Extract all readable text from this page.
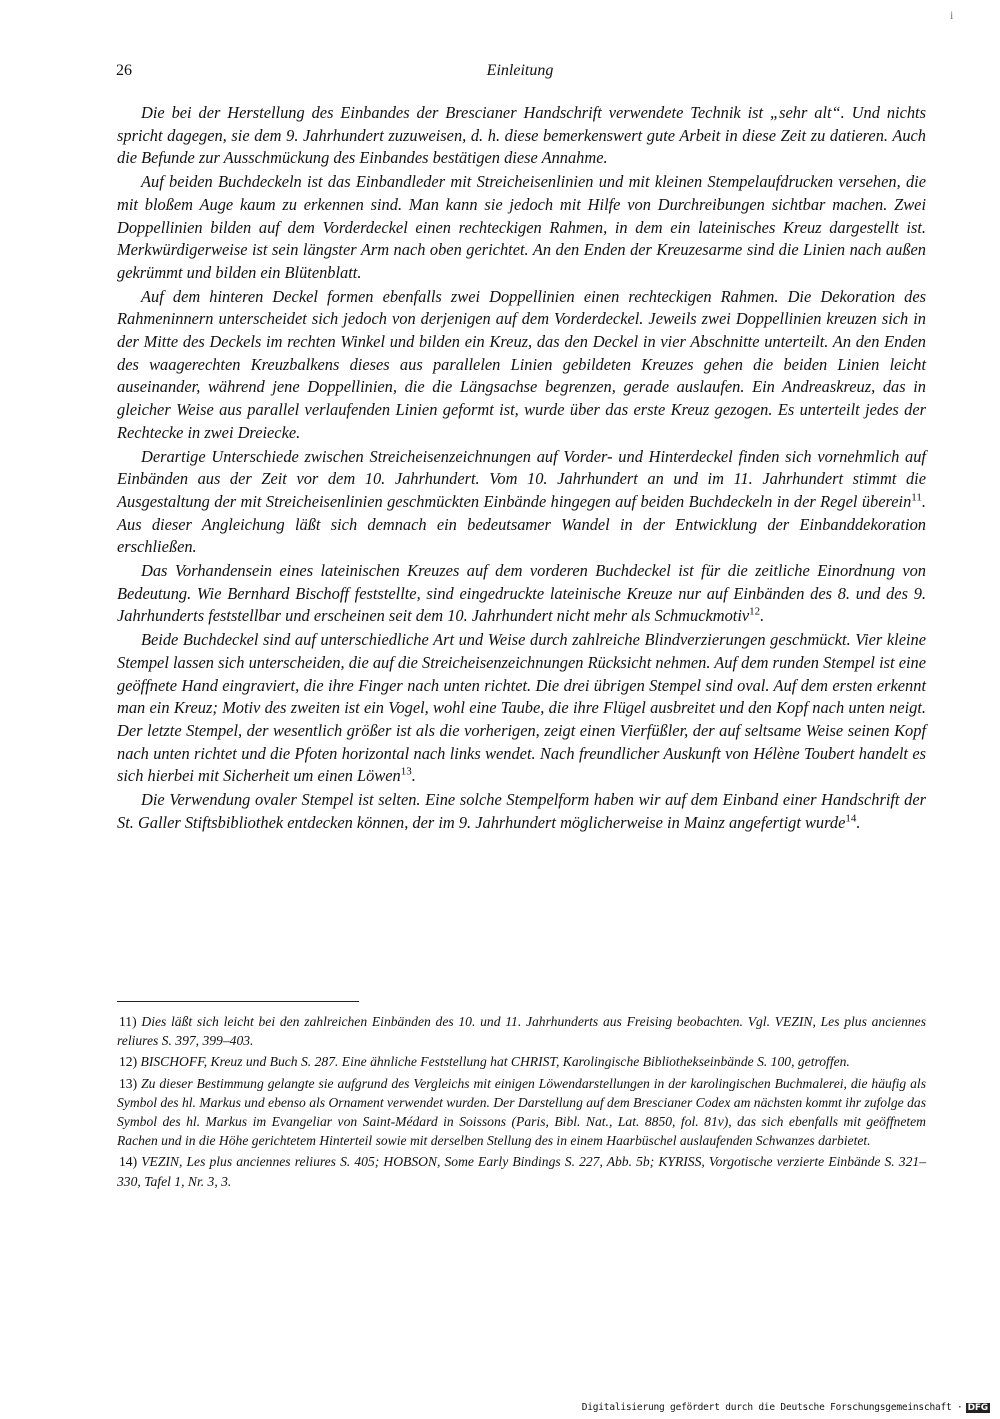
i
26	Einleitung

Die bei der Herstellung des Einbandes der Brescianer Handschrift verwendete Technik ist „sehr alt“. Und nichts spricht dagegen, sie dem 9. Jahrhundert zuzuweisen, d. h. diese bemerkenswert gute Arbeit in diese Zeit zu datieren. Auch die Befunde zur Ausschmückung des Einbandes bestätigen diese Annahme.

Auf beiden Buchdeckeln ist das Einbandleder mit Streicheisenlinien und mit kleinen Stempelaufdrucken versehen, die mit bloßem Auge kaum zu erkennen sind. Man kann sie jedoch mit Hilfe von Durchreibungen sichtbar machen. Zwei Doppellinien bilden auf dem Vorderdeckel einen rechteckigen Rahmen, in dem ein lateinisches Kreuz dargestellt ist. Merkwürdigerweise ist sein längster Arm nach oben gerichtet. An den Enden der Kreuzesarme sind die Linien nach außen gekrümmt und bilden ein Blütenblatt.

Auf dem hinteren Deckel formen ebenfalls zwei Doppellinien einen rechteckigen Rahmen. Die Dekoration des Rahmeninnern unterscheidet sich jedoch von derjenigen auf dem Vorderdeckel. Jeweils zwei Doppellinien kreuzen sich in der Mitte des Deckels im rechten Winkel und bilden ein Kreuz, das den Deckel in vier Abschnitte unterteilt. An den Enden des waagerechten Kreuzbalkens dieses aus parallelen Linien gebildeten Kreuzes gehen die beiden Linien leicht auseinander, während jene Doppellinien, die die Längsachse begrenzen, gerade auslaufen. Ein Andreaskreuz, das in gleicher Weise aus parallel verlaufenden Linien geformt ist, wurde über das erste Kreuz gezogen. Es unterteilt jedes der Rechtecke in zwei Dreiecke.

Derartige Unterschiede zwischen Streicheisenzeichnungen auf Vorder- und Hinterdeckel finden sich vornehmlich auf Einbänden aus der Zeit vor dem 10. Jahrhundert. Vom 10. Jahrhundert an und im 11. Jahrhundert stimmt die Ausgestaltung der mit Streicheisenlinien geschmückten Einbände hingegen auf beiden Buchdeckeln in der Regel überein$^{11}$. Aus dieser Angleichung läßt sich demnach ein bedeutsamer Wandel in der Entwicklung der Einbanddekoration erschließen.

Das Vorhandensein eines lateinischen Kreuzes auf dem vorderen Buchdeckel ist für die zeitliche Einordnung von Bedeutung. Wie Bernhard Bischoff feststellte, sind eingedruckte lateinische Kreuze nur auf Einbänden des 8. und des 9. Jahrhunderts feststellbar und erscheinen seit dem 10. Jahrhundert nicht mehr als Schmuckmotiv$^{12}$.

Beide Buchdeckel sind auf unterschiedliche Art und Weise durch zahlreiche Blindverzierungen geschmückt. Vier kleine Stempel lassen sich unterscheiden, die auf die Streicheisenzeichnungen Rücksicht nehmen. Auf dem runden Stempel ist eine geöffnete Hand eingraviert, die ihre Finger nach unten richtet. Die drei übrigen Stempel sind oval. Auf dem ersten erkennt man ein Kreuz; Motiv des zweiten ist ein Vogel, wohl eine Taube, die ihre Flügel ausbreitet und den Kopf nach unten neigt. Der letzte Stempel, der wesentlich größer ist als die vorherigen, zeigt einen Vierfüßler, der auf seltsame Weise seinen Kopf nach unten richtet und die Pfoten horizontal nach links wendet. Nach freundlicher Auskunft von Hélène Toubert handelt es sich hierbei mit Sicherheit um einen Löwen$^{13}$.

Die Verwendung ovaler Stempel ist selten. Eine solche Stempelform haben wir auf dem Einband einer Handschrift der St. Galler Stiftsbibliothek entdecken können, der im 9. Jahrhundert möglicherweise in Mainz angefertigt wurde$^{14}$.

11) Dies läßt sich leicht bei den zahlreichen Einbänden des 10. und 11. Jahrhunderts aus Freising beobachten. Vgl. VEZIN, Les plus anciennes reliures S. 397, 399–403.

12) BISCHOFF, Kreuz und Buch S. 287. Eine ähnliche Feststellung hat CHRIST, Karolingische Bibliothekseinbände S. 100, getroffen.

13) Zu dieser Bestimmung gelangte sie aufgrund des Vergleichs mit einigen Löwendarstellungen in der karolingischen Buchmalerei, die häufig als Symbol des hl. Markus und ebenso als Ornament verwendet wurden. Der Darstellung auf dem Brescianer Codex am nächsten kommt ihr zufolge das Symbol des hl. Markus im Evangeliar von Saint-Médard in Soissons (Paris, Bibl. Nat., Lat. 8850, fol. 81v), das sich ebenfalls mit geöffnetem Rachen und in die Höhe gerichtetem Hinterteil sowie mit derselben Stellung des in einem Haarbüschel auslaufenden Schwanzes darbietet.

14) VEZIN, Les plus anciennes reliures S. 405; HOBSON, Some Early Bindings S. 227, Abb. 5b; KYRISS, Vorgotische verzierte Einbände S. 321–330, Tafel 1, Nr. 3, 3.

Digitalisierung gefördert durch die Deutsche Forschungsgemeinschaft · DFG
